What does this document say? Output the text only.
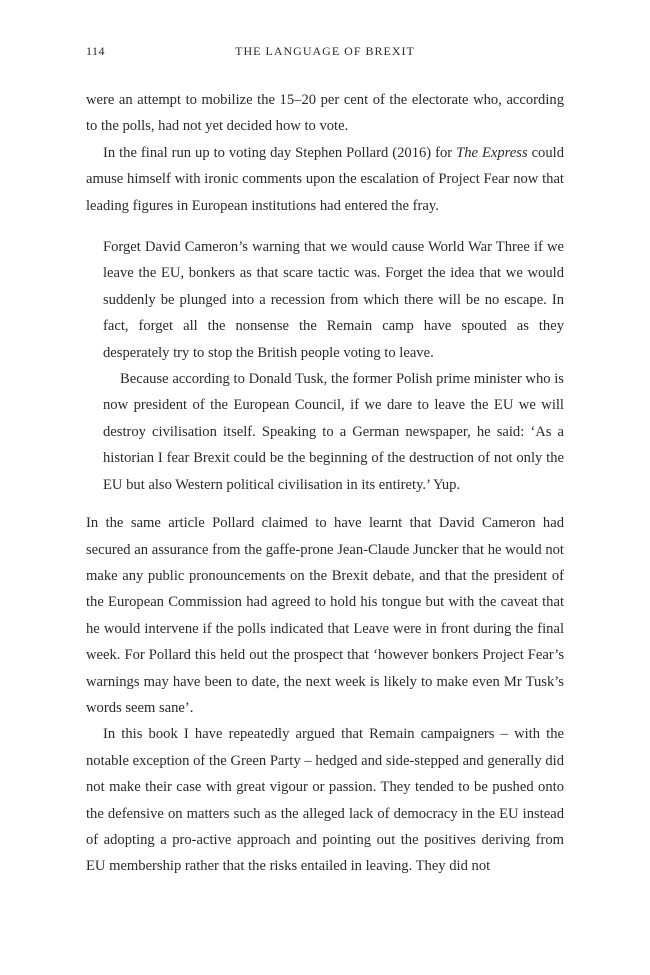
114	THE LANGUAGE OF BREXIT

were an attempt to mobilize the 15–20 per cent of the electorate who, according to the polls, had not yet decided how to vote.

In the final run up to voting day Stephen Pollard (2016) for The Express could amuse himself with ironic comments upon the escalation of Project Fear now that leading figures in European institutions had entered the fray.

Forget David Cameron’s warning that we would cause World War Three if we leave the EU, bonkers as that scare tactic was. Forget the idea that we would suddenly be plunged into a recession from which there will be no escape. In fact, forget all the nonsense the Remain camp have spouted as they desperately try to stop the British people voting to leave.

Because according to Donald Tusk, the former Polish prime minister who is now president of the European Council, if we dare to leave the EU we will destroy civilisation itself. Speaking to a German newspaper, he said: ‘As a historian I fear Brexit could be the beginning of the destruction of not only the EU but also Western political civilisation in its entirety.’ Yup.

In the same article Pollard claimed to have learnt that David Cameron had secured an assurance from the gaffe-prone Jean-Claude Juncker that he would not make any public pronouncements on the Brexit debate, and that the president of the European Commission had agreed to hold his tongue but with the caveat that he would intervene if the polls indicated that Leave were in front during the final week. For Pollard this held out the prospect that ‘however bonkers Project Fear’s warnings may have been to date, the next week is likely to make even Mr Tusk’s words seem sane’.

In this book I have repeatedly argued that Remain campaigners – with the notable exception of the Green Party – hedged and side-stepped and generally did not make their case with great vigour or passion. They tended to be pushed onto the defensive on matters such as the alleged lack of democracy in the EU instead of adopting a pro-active approach and pointing out the positives deriving from EU membership rather that the risks entailed in leaving. They did not
